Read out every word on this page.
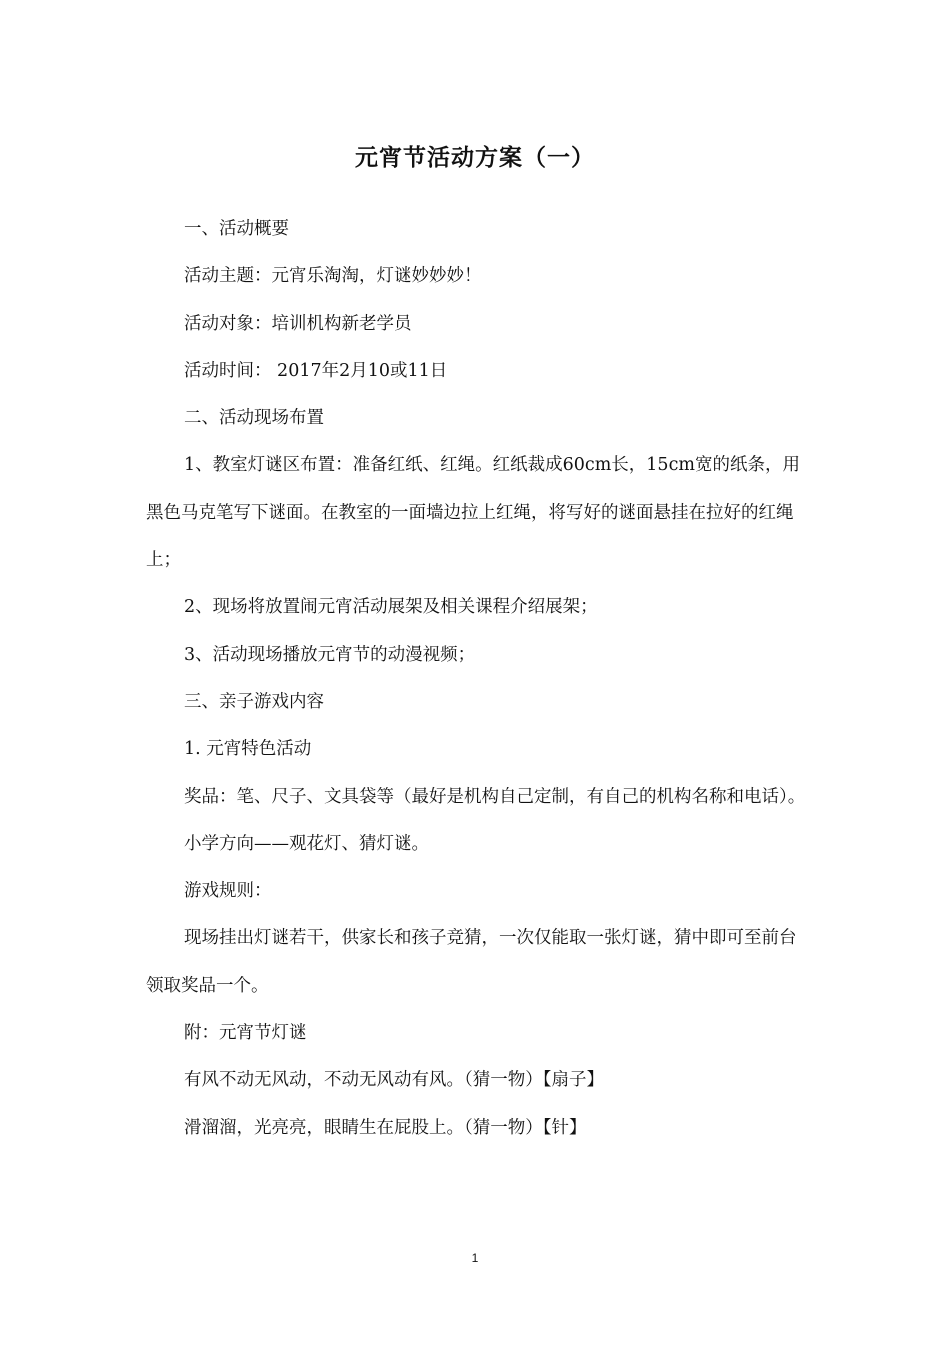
元宵节活动方案（一）

一、活动概要

活动主题：元宵乐淘淘，灯谜妙妙妙！

活动对象：培训机构新老学员

活动时间： 2017年2月10或11日

二、活动现场布置

1、教室灯谜区布置：准备红纸、红绳。红纸裁成60cm长，15cm宽的纸条，用黑色马克笔写下谜面。在教室的一面墙边拉上红绳，将写好的谜面悬挂在拉好的红绳上；

2、现场将放置闹元宵活动展架及相关课程介绍展架；

3、活动现场播放元宵节的动漫视频；

三、亲子游戏内容

1. 元宵特色活动

奖品：笔、尺子、文具袋等（最好是机构自己定制，有自己的机构名称和电话）。

小学方向——观花灯、猜灯谜。

游戏规则：

现场挂出灯谜若干，供家长和孩子竞猜，一次仅能取一张灯谜，猜中即可至前台领取奖品一个。

附：元宵节灯谜

有风不动无风动，不动无风动有风。（猜一物）【扇子】

滑溜溜，光亮亮，眼睛生在屁股上。（猜一物）【针】

1
